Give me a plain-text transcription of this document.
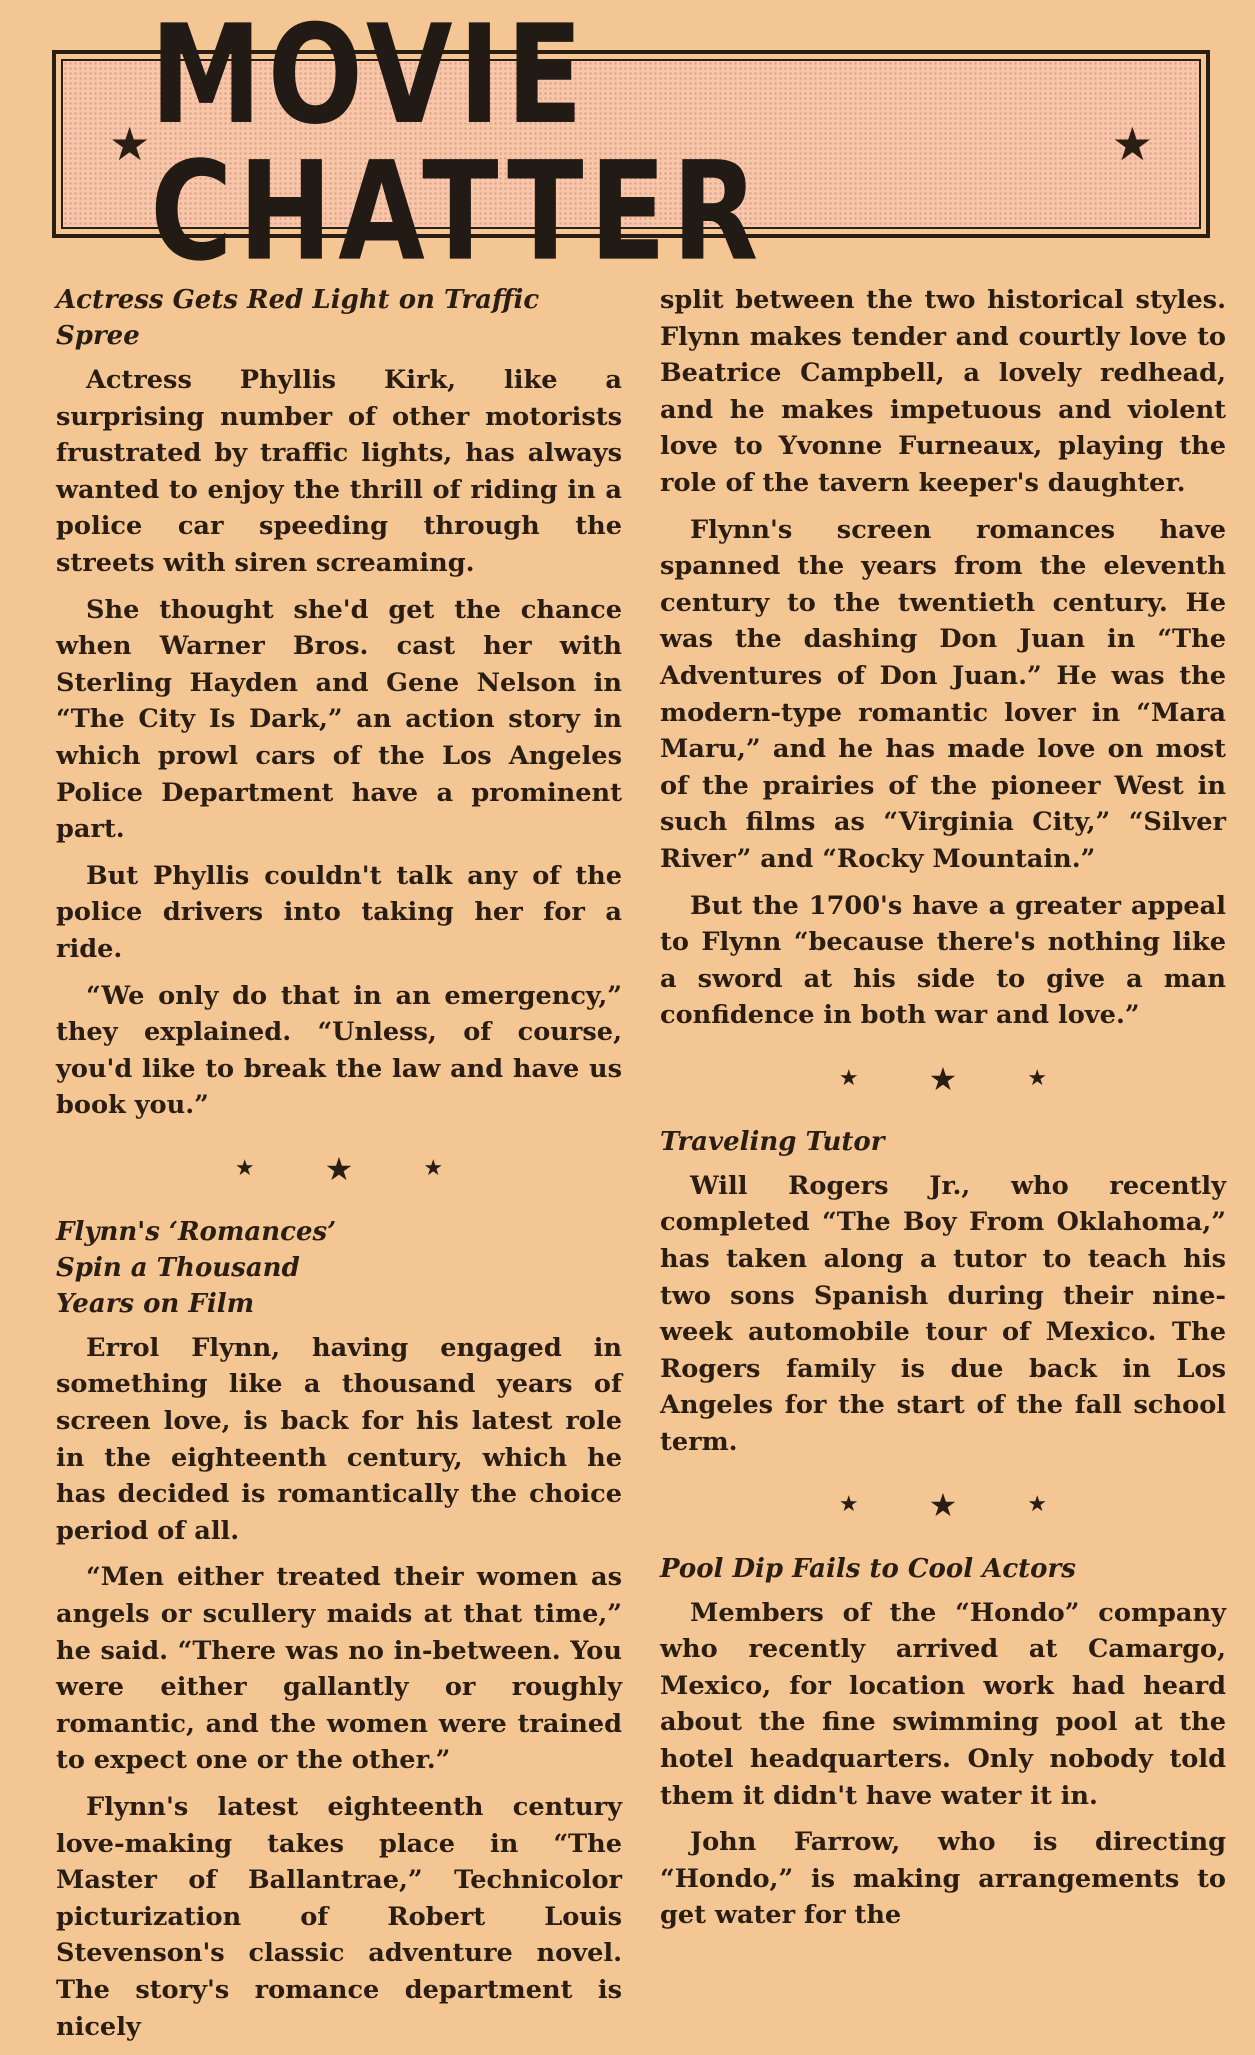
★ MOVIE CHATTER	★
Actress Gets Red Light on Traffic Spree

Actress Phyllis Kirk, like a surprising number of other motorists frustrated by traffic lights, has always wanted to enjoy the thrill of riding in a police car speeding through the streets with siren screaming.

She thought she'd get the chance when Warner Bros. cast her with Sterling Hayden and Gene Nelson in “The City Is Dark,” an action story in which prowl cars of the Los Angeles Police Department have a prominent part.

But Phyllis couldn't talk any of the police drivers into taking her for a ride.

“We only do that in an emergency,” they explained. “Unless, of course, you'd like to break the law and have us book you.”

★ ★	★
Flynn's ‘Romances’ Spin a Thousand Years on Film

Errol Flynn, having engaged in something like a thousand years of screen love, is back for his latest role in the eighteenth century, which he has decided is romantically the choice period of all.

“Men either treated their women as angels or scullery maids at that time,” he said. “There was no in-between. You were either gallantly or roughly romantic, and the women were trained to expect one or the other.”

Flynn's latest eighteenth century love-making takes place in “The Master of Ballantrae,” Technicolor picturization of Robert Louis Stevenson's classic adventure novel. The story's romance department is nicely

split between the two historical styles. Flynn makes tender and courtly love to Beatrice Campbell, a lovely redhead, and he makes impetuous and violent love to Yvonne Furneaux, playing the role of the tavern keeper's daughter.

Flynn's screen romances have spanned the years from the eleventh century to the twentieth century. He was the dashing Don Juan in “The Adventures of Don Juan.” He was the modern-type romantic lover in “Mara Maru,” and he has made love on most of the prairies of the pioneer West in such films as “Virginia City,” “Silver River” and “Rocky Mountain.”

But the 1700's have a greater appeal to Flynn “because there's nothing like a sword at his side to give a man confidence in both war and love.”

★ ★	★
Traveling Tutor

Will Rogers Jr., who recently completed “The Boy From Oklahoma,” has taken along a tutor to teach his two sons Spanish during their nine-week automobile tour of Mexico. The Rogers family is due back in Los Angeles for the start of the fall school term.

★ ★	★
Pool Dip Fails to Cool Actors

Members of the “Hondo” company who recently arrived at Camargo, Mexico, for location work had heard about the fine swimming pool at the hotel headquarters. Only nobody told them it didn't have water it in.

John Farrow, who is directing “Hondo,” is making arrangements to get water for the
